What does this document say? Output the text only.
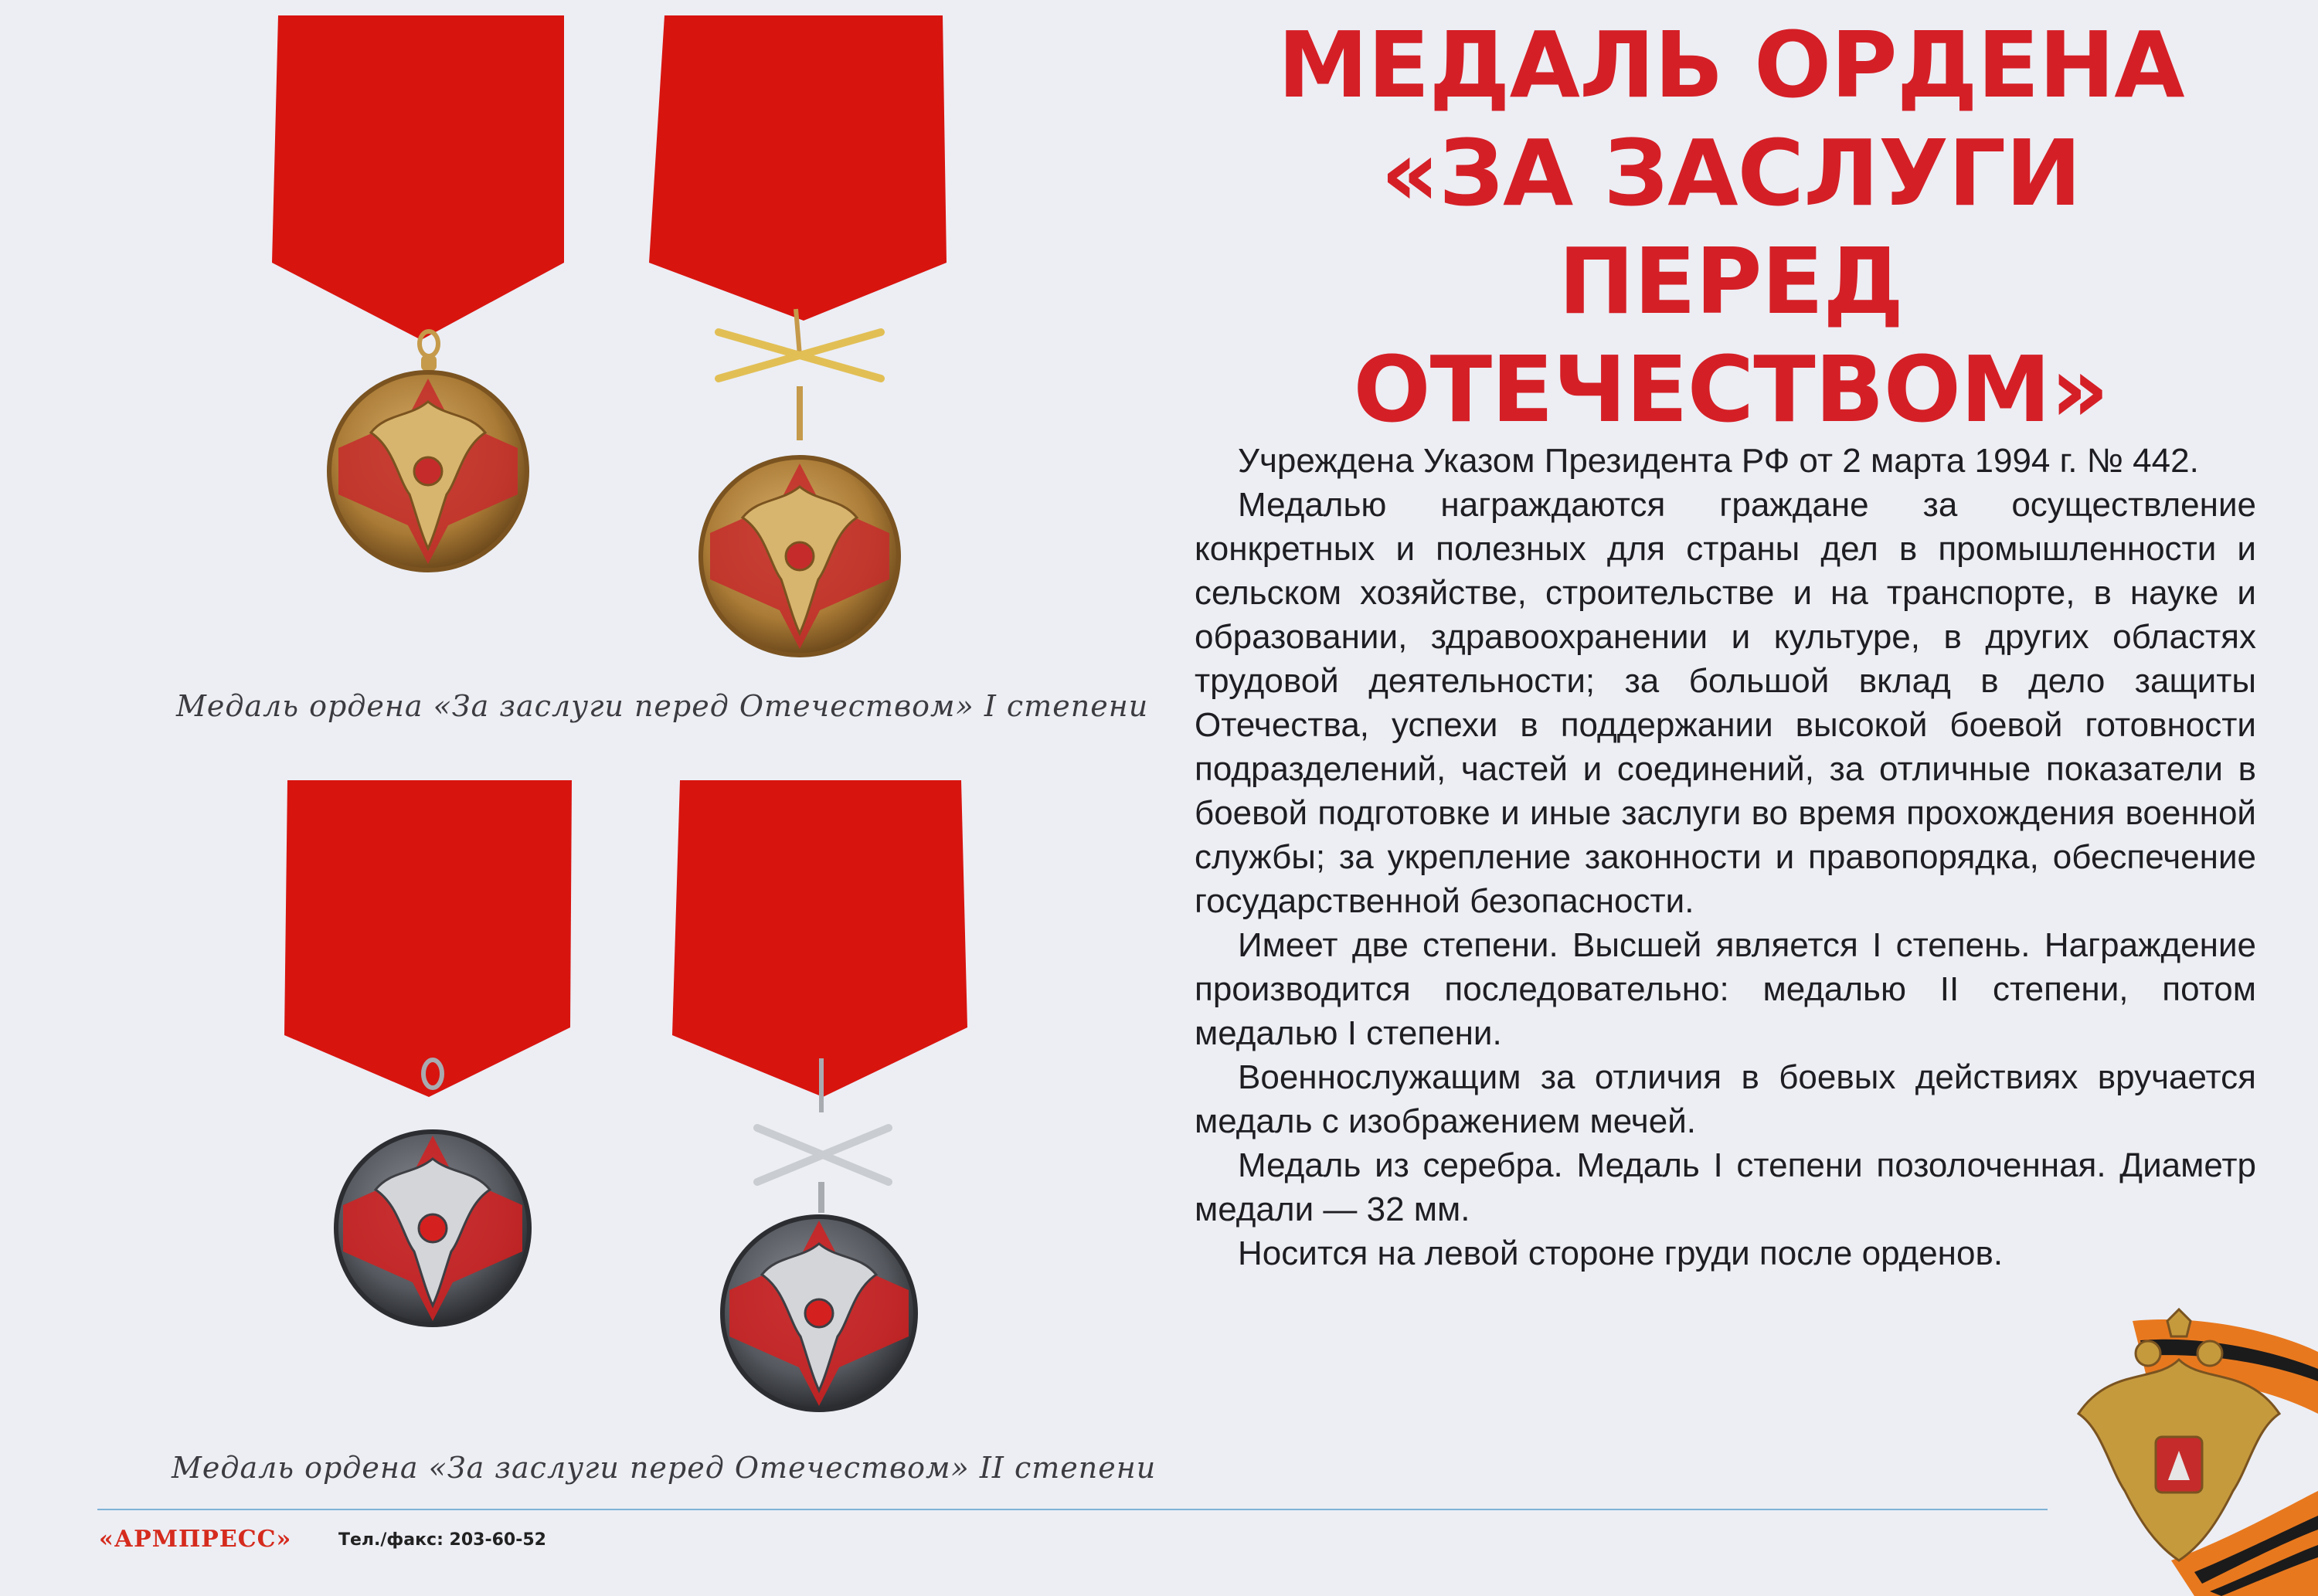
МЕДАЛЬ ОРДЕНА
«ЗА ЗАСЛУГИ ПЕРЕД
ОТЕЧЕСТВОМ»
Медаль ордена «За заслуги перед Отечеством» I степени
Медаль ордена «За заслуги перед Отечеством» II степени

Учреждена Указом Президента РФ от 2 марта 1994 г. № 442.

Медалью награждаются граждане за осуществление конкретных и полезных для страны дел в промышленности и сельском хозяйстве, строительстве и на транспорте, в науке и образовании, здравоохранении и культуре, в других областях трудовой деятельности; за большой вклад в дело защиты Отечества, успехи в поддержании высокой боевой готовности подразделений, частей и соединений, за отличные показатели в боевой подготовке и иные заслуги во время прохождения военной службы; за укрепление законности и правопорядка, обеспечение государственной безопасности.

Имеет две степени. Высшей является I степень. Награждение производится последовательно: медалью II степени, потом медалью I степени.

Военнослужащим за отличия в боевых действиях вручается медаль с изображением мечей.

Медаль из серебра. Медаль I степени позолоченная. Диаметр медали — 32 мм.

Носится на левой стороне груди после орденов.

«АРМПРЕСС»	Тел./факс: 203-60-52
